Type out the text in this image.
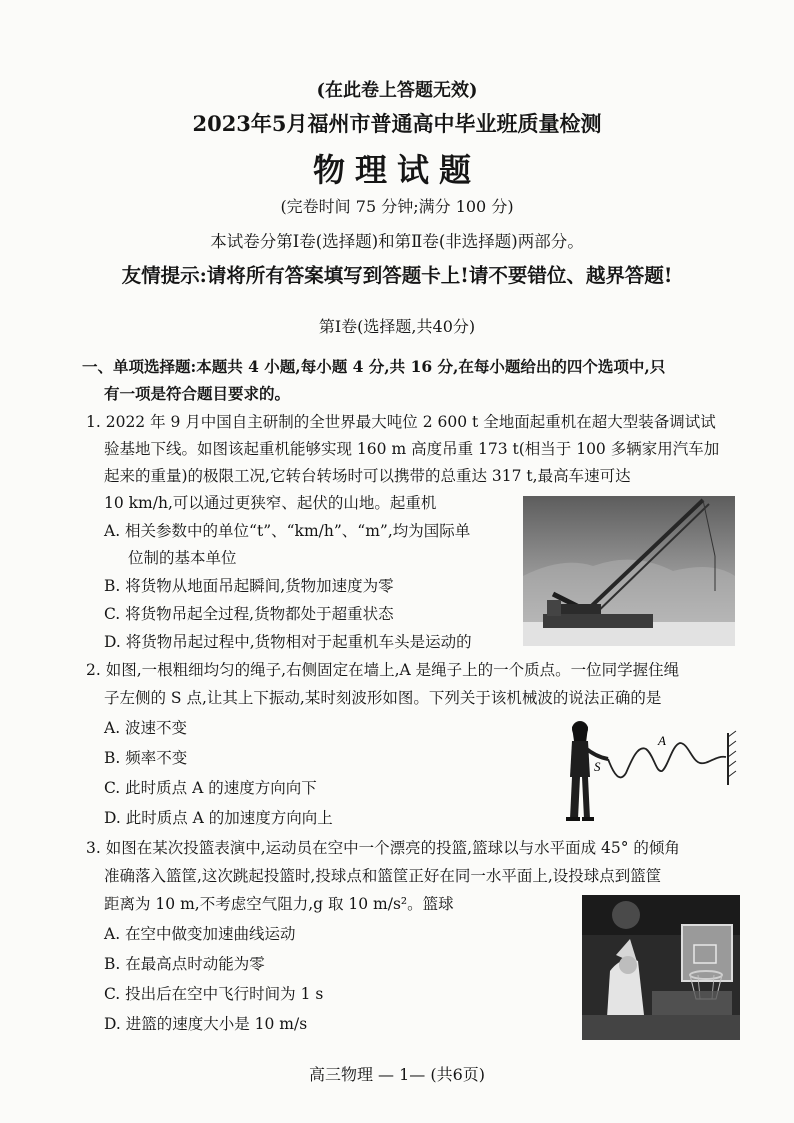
(在此卷上答题无效)
2023年5月福州市普通高中毕业班质量检测
物理试题
(完卷时间 75 分钟;满分 100 分)
本试卷分第Ⅰ卷(选择题)和第Ⅱ卷(非选择题)两部分。
友情提示:请将所有答案填写到答题卡上!请不要错位、越界答题!
第Ⅰ卷(选择题,共40分)
一、单项选择题:本题共 4 小题,每小题 4 分,共 16 分,在每小题给出的四个选项中,只
有一项是符合题目要求的。
1. 2022 年 9 月中国自主研制的全世界最大吨位 2 600 t 全地面起重机在超大型装备调试试
验基地下线。如图该起重机能够实现 160 m 高度吊重 173 t(相当于 100 多辆家用汽车加
起来的重量)的极限工况,它转台转场时可以携带的总重达 317 t,最高车速可达
10 km/h,可以通过更狭窄、起伏的山地。起重机
A. 相关参数中的单位“t”、“km/h”、“m”,均为国际单
位制的基本单位
B. 将货物从地面吊起瞬间,货物加速度为零
C. 将货物吊起全过程,货物都处于超重状态
D. 将货物吊起过程中,货物相对于起重机车头是运动的
2. 如图,一根粗细均匀的绳子,右侧固定在墙上,A 是绳子上的一个质点。一位同学握住绳
子左侧的 S 点,让其上下振动,某时刻波形如图。下列关于该机械波的说法正确的是
A. 波速不变
B. 频率不变
C. 此时质点 A 的速度方向向下
D. 此时质点 A 的加速度方向向上
A
S
3. 如图在某次投篮表演中,运动员在空中一个漂亮的投篮,篮球以与水平面成 45° 的倾角
准确落入篮筐,这次跳起投篮时,投球点和篮筐正好在同一水平面上,设投球点到篮筐
距离为 10 m,不考虑空气阻力,g 取 10 m/s²。篮球
A. 在空中做变加速曲线运动
B. 在最高点时动能为零
C. 投出后在空中飞行时间为 1 s
D. 进篮的速度大小是 10 m/s
高三物理 — 1— (共6页)
